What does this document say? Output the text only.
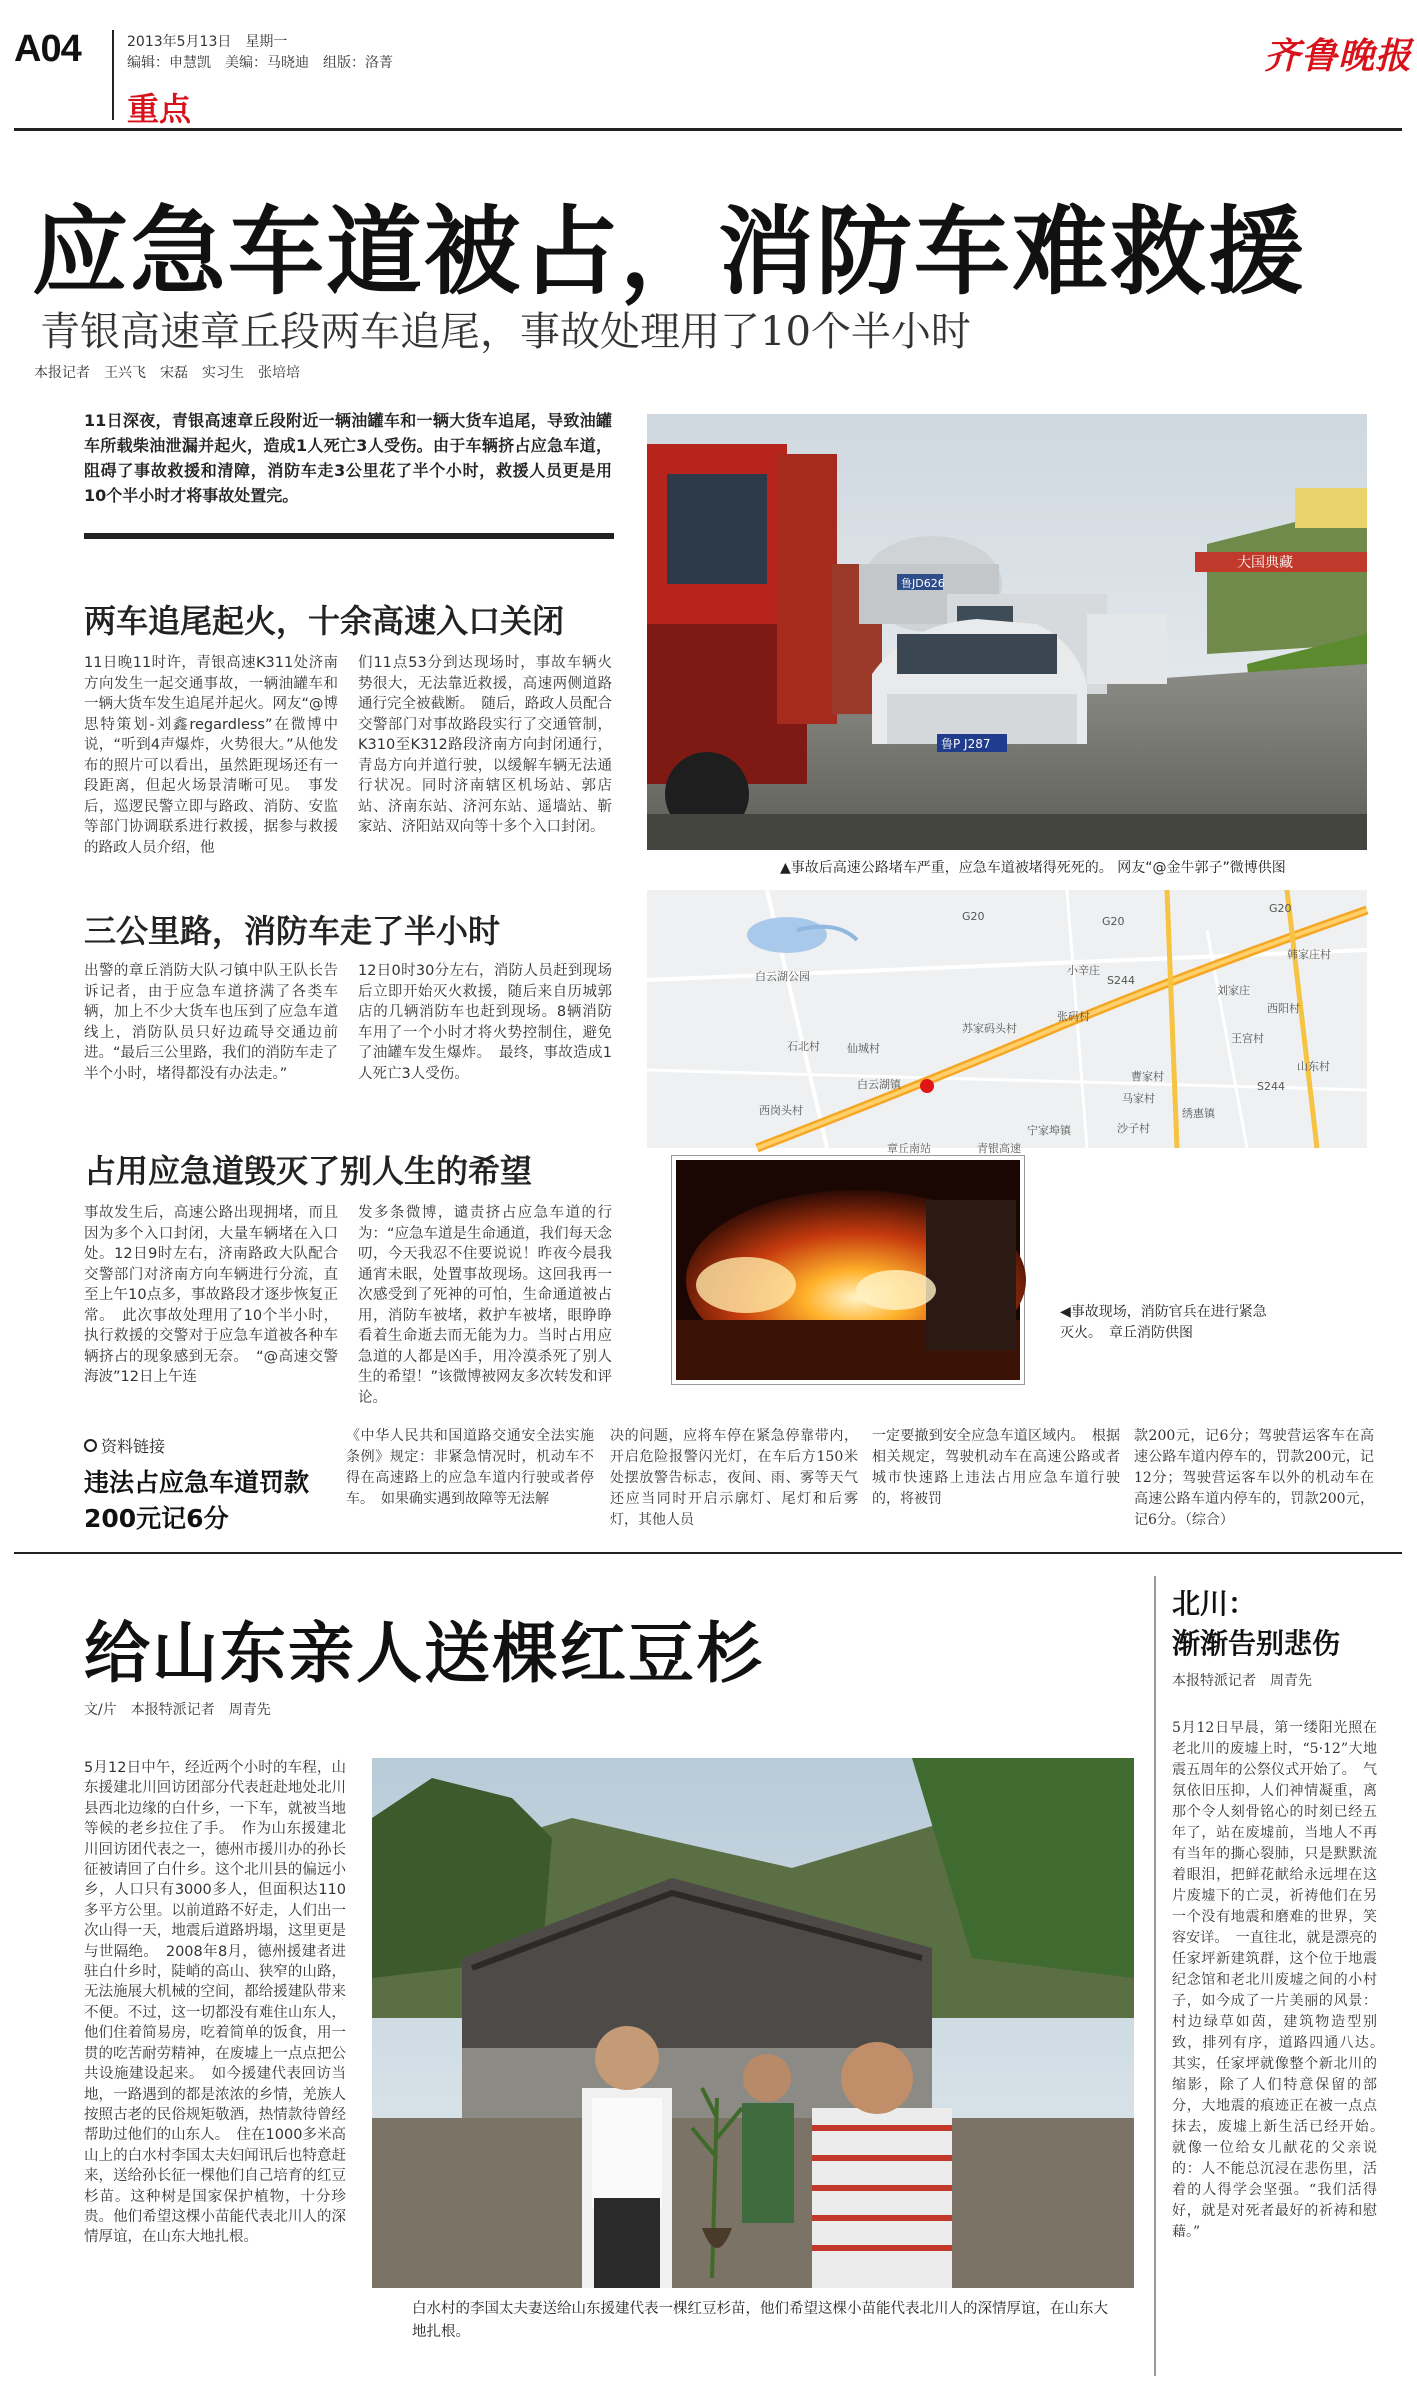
A04	2013年5月13日　星期一
编辑：申慧凯　美编：马晓迪　组版：洛菁
重点
齐鲁晚报
应急车道被占，消防车难救援
青银高速章丘段两车追尾，事故处理用了10个半小时
本报记者　王兴飞　宋磊　实习生　张培培
11日深夜，青银高速章丘段附近一辆油罐车和一辆大货车追尾，导致油罐车所载柴油泄漏并起火，造成1人死亡3人受伤。由于车辆挤占应急车道，阻碍了事故救援和清障，消防车走3公里花了半个小时，救援人员更是用10个半小时才将事故处置完。
两车追尾起火，十余高速入口关闭
11日晚11时许，青银高速K311处济南方向发生一起交通事故，一辆油罐车和一辆大货车发生追尾并起火。网友“@博思特策划-刘鑫regardless”在微博中说，“听到4声爆炸，火势很大。”从他发布的照片可以看出，虽然距现场还有一段距离，但起火场景清晰可见。　事发后，巡逻民警立即与路政、消防、安监等部门协调联系进行救援，据参与救援的路政人员介绍，他
们11点53分到达现场时，事故车辆火势很大，无法靠近救援，高速两侧道路通行完全被截断。　随后，路政人员配合交警部门对事故路段实行了交通管制，K310至K312路段济南方向封闭通行，青岛方向并道行驶，以缓解车辆无法通行状况。同时济南辖区机场站、郭店站、济南东站、济河东站、遥墙站、靳家站、济阳站双向等十多个入口封闭。
三公里路，消防车走了半小时
出警的章丘消防大队刁镇中队王队长告诉记者，由于应急车道挤满了各类车辆，加上不少大货车也压到了应急车道线上，消防队员只好边疏导交通边前进。“最后三公里路，我们的消防车走了半个小时，堵得都没有办法走。”
12日0时30分左右，消防人员赶到现场后立即开始灭火救援，随后来自历城郭店的几辆消防车也赶到现场。8辆消防车用了一个小时才将火势控制住，避免了油罐车发生爆炸。　最终，事故造成1人死亡3人受伤。
占用应急道毁灭了别人生的希望
事故发生后，高速公路出现拥堵，而且因为多个入口封闭，大量车辆堵在入口处。12日9时左右，济南路政大队配合交警部门对济南方向车辆进行分流，直至上午10点多，事故路段才逐步恢复正常。　此次事故处理用了10个半小时，执行救援的交警对于应急车道被各种车辆挤占的现象感到无奈。　“@高速交警海波”12日上午连
发多条微博，谴责挤占应急车道的行为：“应急车道是生命通道，我们每天念叨，今天我忍不住要说说！昨夜今晨我通宵未眠，处置事故现场。这回我再一次感受到了死神的可怕，生命通道被占用，消防车被堵，救护车被堵，眼睁睁看着生命逝去而无能为力。当时占用应急道的人都是凶手，用冷漠杀死了别人生的希望！”该微博被网友多次转发和评论。
大国典藏
鲁JD626
鲁P J287
▲事故后高速公路堵车严重，应急车道被堵得死死的。 网友“@金牛郭子”微博供图
G20	G20
G20
白云湖公园
白云湖镇
苏家码头村
小辛庄
张码村
石北村 仙城村
西岗头村
宁家埠镇
王宫村
曹家村
马家村
沙子村
韩家庄村
山东村
绣惠镇
西阳村
刘家庄
S244
S244
青银高速
章丘南站
◀事故现场，消防官兵在进行紧急灭火。　章丘消防供图
资料链接
违法占应急车道罚款200元记6分
《中华人民共和国道路交通安全法实施条例》规定：非紧急情况时，机动车不得在高速路上的应急车道内行驶或者停车。　如果确实遇到故障等无法解
决的问题，应将车停在紧急停靠带内，开启危险报警闪光灯，在车后方150米处摆放警告标志，夜间、雨、雾等天气还应当同时开启示廓灯、尾灯和后雾灯，其他人员
一定要撤到安全应急车道区域内。　根据相关规定，驾驶机动车在高速公路或者城市快速路上违法占用应急车道行驶的，将被罚
款200元，记6分；驾驶营运客车在高速公路车道内停车的，罚款200元，记12分；驾驶营运客车以外的机动车在高速公路车道内停车的，罚款200元，记6分。（综合）
给山东亲人送棵红豆杉
文/片　本报特派记者　周青先
5月12日中午，经近两个小时的车程，山东援建北川回访团部分代表赶赴地处北川县西北边缘的白什乡，一下车，就被当地等候的老乡拉住了手。　作为山东援建北川回访团代表之一，德州市援川办的孙长征被请回了白什乡。这个北川县的偏远小乡，人口只有3000多人，但面积达110多平方公里。以前道路不好走，人们出一次山得一天，地震后道路坍塌，这里更是与世隔绝。　2008年8月，德州援建者进驻白什乡时，陡峭的高山、狭窄的山路，无法施展大机械的空间，都给援建队带来不便。不过，这一切都没有难住山东人，他们住着简易房，吃着简单的饭食，用一贯的吃苦耐劳精神，在废墟上一点点把公共设施建设起来。　如今援建代表回访当地，一路遇到的都是浓浓的乡情，羌族人按照古老的民俗规矩敬酒，热情款待曾经帮助过他们的山东人。　住在1000多米高山上的白水村李国太夫妇闻讯后也特意赶来，送给孙长征一棵他们自己培育的红豆杉苗。这种树是国家保护植物，十分珍贵。他们希望这棵小苗能代表北川人的深情厚谊，在山东大地扎根。
白水村的李国太夫妻送给山东援建代表一棵红豆杉苗，他们希望这棵小苗能代表北川人的深情厚谊，在山东大地扎根。
北川：
渐渐告别悲伤
本报特派记者　周青先
5月12日早晨，第一缕阳光照在老北川的废墟上时，“5·12”大地震五周年的公祭仪式开始了。　气氛依旧压抑，人们神情凝重，离那个令人刻骨铭心的时刻已经五年了，站在废墟前，当地人不再有当年的撕心裂肺，只是默默流着眼泪，把鲜花献给永远埋在这片废墟下的亡灵，祈祷他们在另一个没有地震和磨难的世界，笑容安详。　一直往北，就是漂亮的任家坪新建筑群，这个位于地震纪念馆和老北川废墟之间的小村子，如今成了一片美丽的风景：村边绿草如茵，建筑物造型别致，排列有序，道路四通八达。　其实，任家坪就像整个新北川的缩影，除了人们特意保留的部分，大地震的痕迹正在被一点点抹去，废墟上新生活已经开始。　就像一位给女儿献花的父亲说的：人不能总沉浸在悲伤里，活着的人得学会坚强。“我们活得好，就是对死者最好的祈祷和慰藉。”
